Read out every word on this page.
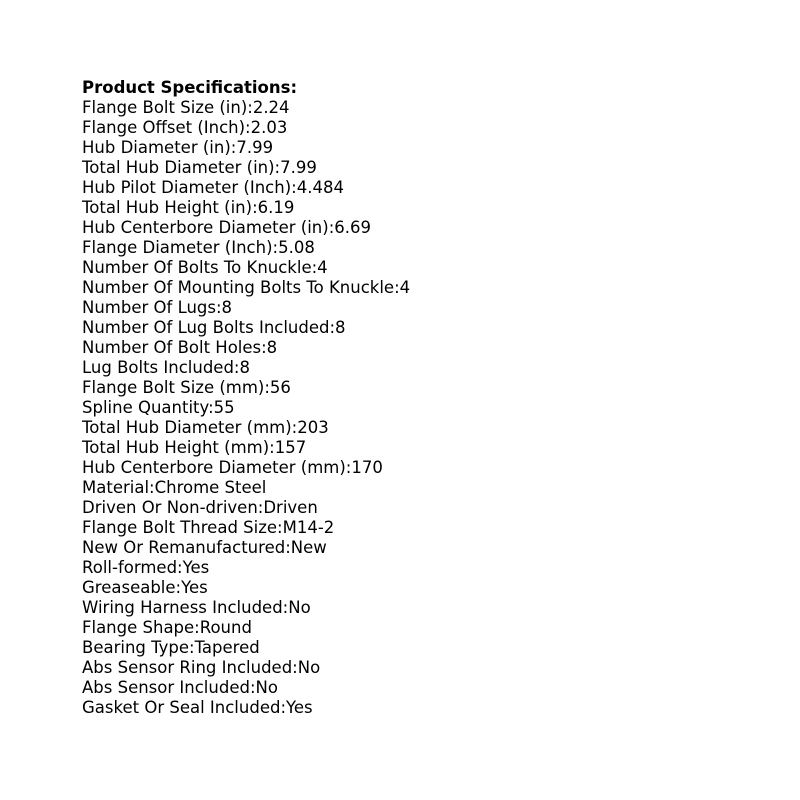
Product Specifications:
Flange Bolt Size (in):2.24
Flange Offset (Inch):2.03
Hub Diameter (in):7.99
Total Hub Diameter (in):7.99
Hub Pilot Diameter (Inch):4.484
Total Hub Height (in):6.19
Hub Centerbore Diameter (in):6.69
Flange Diameter (Inch):5.08
Number Of Bolts To Knuckle:4
Number Of Mounting Bolts To Knuckle:4
Number Of Lugs:8
Number Of Lug Bolts Included:8
Number Of Bolt Holes:8
Lug Bolts Included:8
Flange Bolt Size (mm):56
Spline Quantity:55
Total Hub Diameter (mm):203
Total Hub Height (mm):157
Hub Centerbore Diameter (mm):170
Material:Chrome Steel
Driven Or Non-driven:Driven
Flange Bolt Thread Size:M14-2
New Or Remanufactured:New
Roll-formed:Yes
Greaseable:Yes
Wiring Harness Included:No
Flange Shape:Round
Bearing Type:Tapered
Abs Sensor Ring Included:No
Abs Sensor Included:No
Gasket Or Seal Included:Yes
